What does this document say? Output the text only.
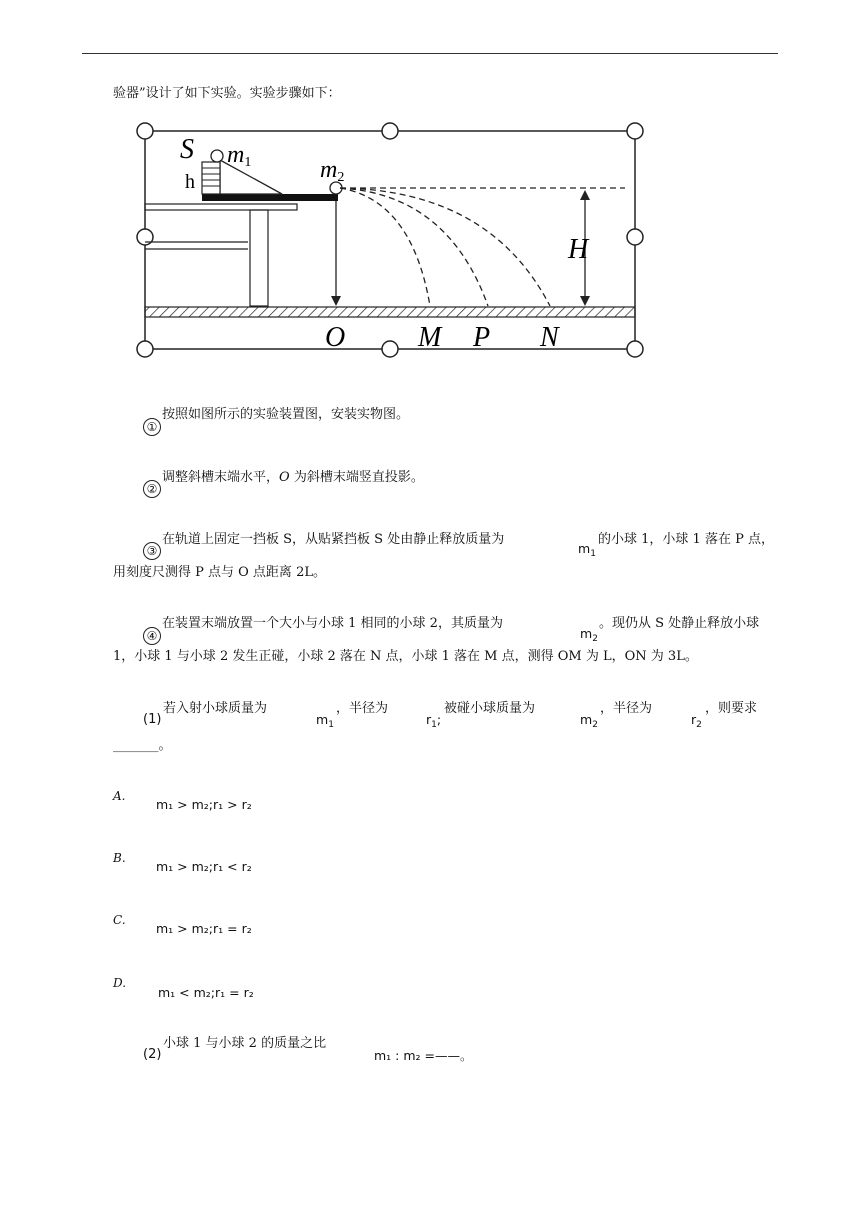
验器”设计了如下实验。实验步骤如下：
S m1
h	m2
H
O	M P N
①
按照如图所示的实验装置图，安装实物图。
②
调整斜槽末端水平，O 为斜槽末端竖直投影。
③
在轨道上固定一挡板 S，从贴紧挡板 S 处由静止释放质量为
$m_1$
的小球 1，小球 1 落在 P 点，
用刻度尺测得 P 点与 O 点距离 2L。
④
在装置末端放置一个大小与小球 1 相同的小球 2，其质量为
$m_2$
。现仍从 S 处静止释放小球
1，小球 1 与小球 2 发生正碰，小球 2 落在 N 点，小球 1 落在 M 点，测得 OM 为 L，ON 为 3L。
(1)
若入射小球质量为
$m_1$
，半径为
$r_1$;
被碰小球质量为
$m_2$
，半径为
$r_2$
，则要求
_______。
A.
m₁ > m₂;r₁ > r₂
B.
m₁ > m₂;r₁ < r₂
C.
m₁ > m₂;r₁ = r₂
D.
m₁ < m₂;r₁ = r₂
(2)
小球 1 与小球 2 的质量之比
m₁ : m₂ =——。
